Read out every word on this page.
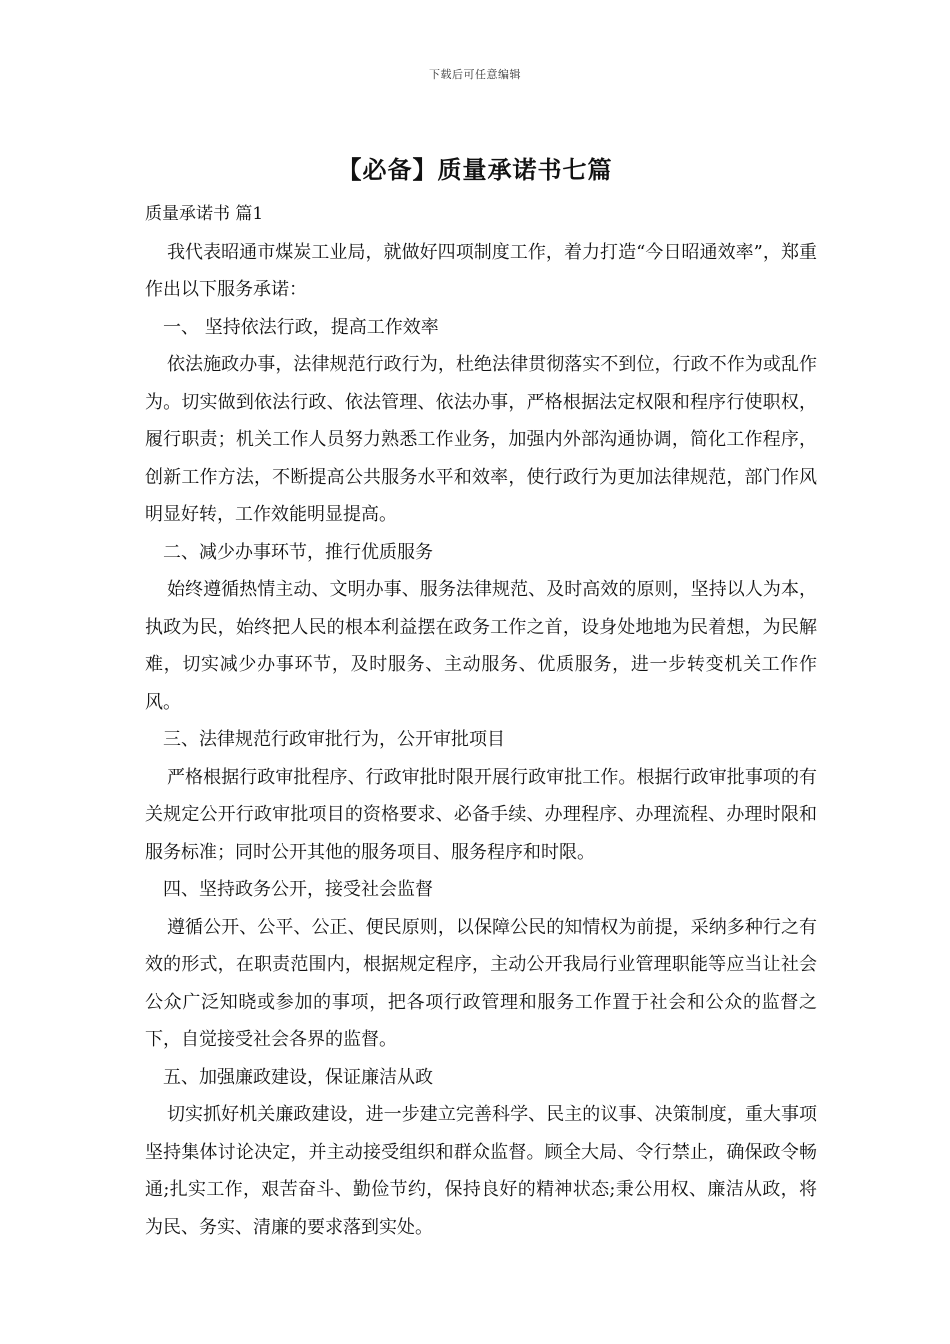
下载后可任意编辑
【必备】质量承诺书七篇

质量承诺书 篇1

我代表昭通市煤炭工业局，就做好四项制度工作，着力打造“今日昭通效率”，郑重作出以下服务承诺：

一、 坚持依法行政，提高工作效率

依法施政办事，法律规范行政行为，杜绝法律贯彻落实不到位，行政不作为或乱作为。切实做到依法行政、依法管理、依法办事，严格根据法定权限和程序行使职权，履行职责；机关工作人员努力熟悉工作业务，加强内外部沟通协调，简化工作程序，创新工作方法，不断提高公共服务水平和效率，使行政行为更加法律规范，部门作风明显好转，工作效能明显提高。

二、减少办事环节，推行优质服务

始终遵循热情主动、文明办事、服务法律规范、及时高效的原则，坚持以人为本，执政为民，始终把人民的根本利益摆在政务工作之首，设身处地地为民着想，为民解难，切实减少办事环节，及时服务、主动服务、优质服务，进一步转变机关工作作风。

三、法律规范行政审批行为，公开审批项目

严格根据行政审批程序、行政审批时限开展行政审批工作。根据行政审批事项的有关规定公开行政审批项目的资格要求、必备手续、办理程序、办理流程、办理时限和服务标准；同时公开其他的服务项目、服务程序和时限。

四、坚持政务公开，接受社会监督

遵循公开、公平、公正、便民原则，以保障公民的知情权为前提，采纳多种行之有效的形式，在职责范围内，根据规定程序，主动公开我局行业管理职能等应当让社会公众广泛知晓或参加的事项，把各项行政管理和服务工作置于社会和公众的监督之下，自觉接受社会各界的监督。

五、加强廉政建设，保证廉洁从政

切实抓好机关廉政建设，进一步建立完善科学、民主的议事、决策制度，重大事项坚持集体讨论决定，并主动接受组织和群众监督。顾全大局、令行禁止，确保政令畅通;扎实工作，艰苦奋斗、勤俭节约，保持良好的精神状态;秉公用权、廉洁从政，将为民、务实、清廉的要求落到实处。
